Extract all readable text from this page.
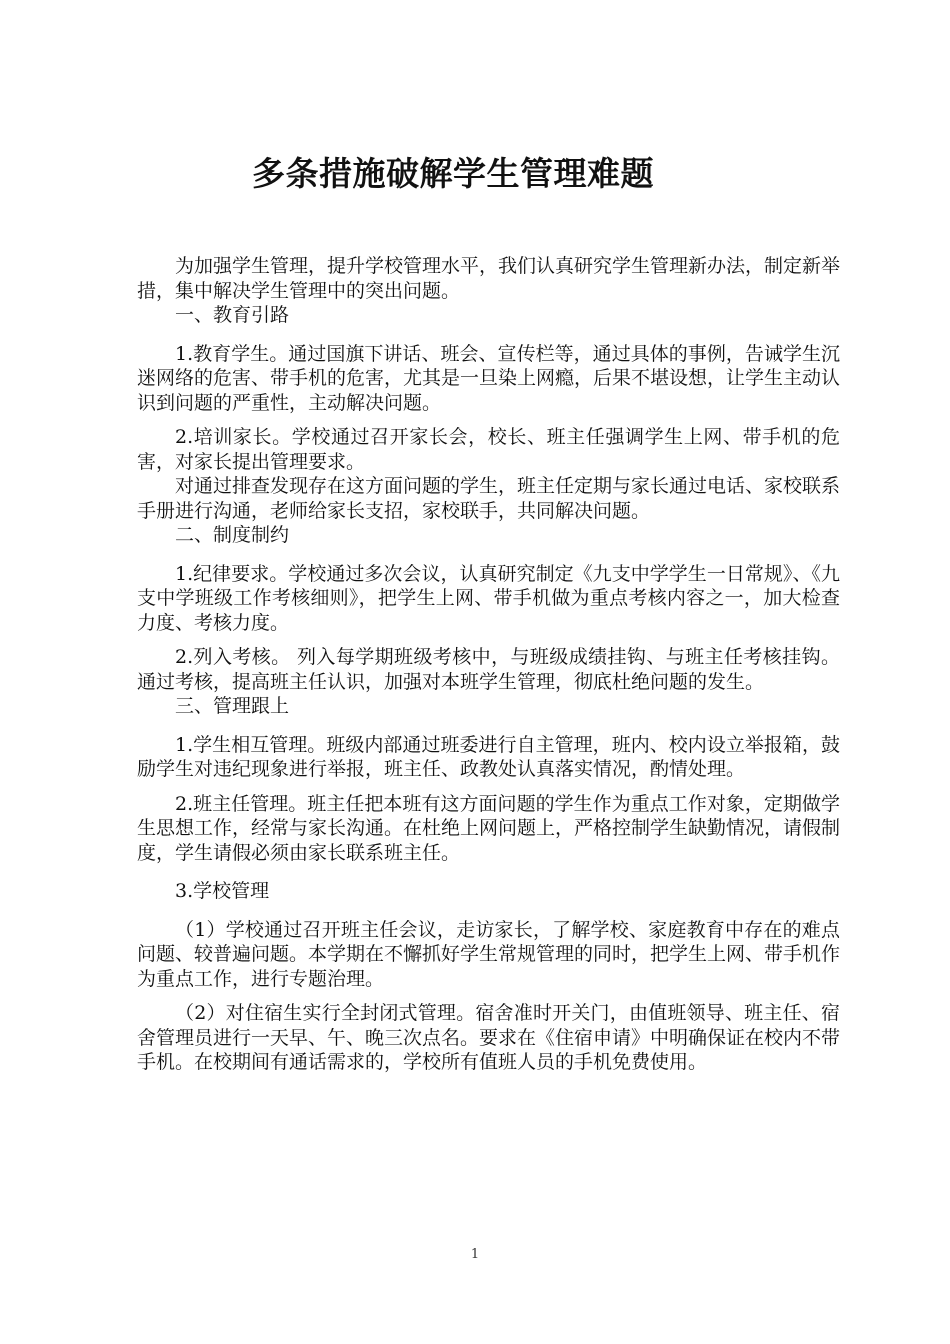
多条措施破解学生管理难题

为加强学生管理，提升学校管理水平，我们认真研究学生管理新办法，制定新举措，集中解决学生管理中的突出问题。

一、教育引路

1.教育学生。通过国旗下讲话、班会、宣传栏等，通过具体的事例，告诫学生沉迷网络的危害、带手机的危害，尤其是一旦染上网瘾，后果不堪设想，让学生主动认识到问题的严重性，主动解决问题。

2.培训家长。学校通过召开家长会，校长、班主任强调学生上网、带手机的危害，对家长提出管理要求。

对通过排查发现存在这方面问题的学生，班主任定期与家长通过电话、家校联系手册进行沟通，老师给家长支招，家校联手，共同解决问题。

二、制度制约

1.纪律要求。学校通过多次会议，认真研究制定《九支中学学生一日常规》、《九支中学班级工作考核细则》，把学生上网、带手机做为重点考核内容之一，加大检查力度、考核力度。

2.列入考核。 列入每学期班级考核中，与班级成绩挂钩、与班主任考核挂钩。通过考核，提高班主任认识，加强对本班学生管理，彻底杜绝问题的发生。

三、管理跟上

1.学生相互管理。班级内部通过班委进行自主管理，班内、校内设立举报箱，鼓励学生对违纪现象进行举报，班主任、政教处认真落实情况，酌情处理。

2.班主任管理。班主任把本班有这方面问题的学生作为重点工作对象，定期做学生思想工作，经常与家长沟通。在杜绝上网问题上，严格控制学生缺勤情况，请假制度，学生请假必须由家长联系班主任。

3.学校管理

（1）学校通过召开班主任会议，走访家长，了解学校、家庭教育中存在的难点问题、较普遍问题。本学期在不懈抓好学生常规管理的同时，把学生上网、带手机作为重点工作，进行专题治理。

（2）对住宿生实行全封闭式管理。宿舍准时开关门，由值班领导、班主任、宿舍管理员进行一天早、午、晚三次点名。要求在《住宿申请》中明确保证在校内不带手机。在校期间有通话需求的，学校所有值班人员的手机免费使用。

1
